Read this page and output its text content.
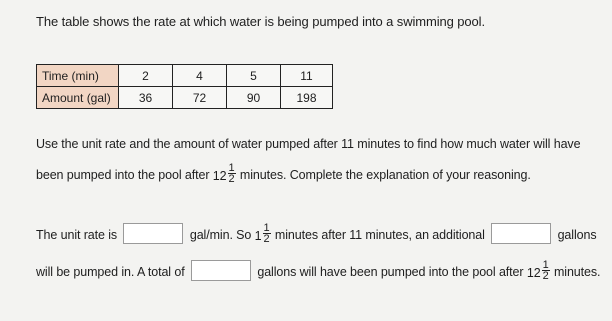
The table shows the rate at which water is being pumped into a swimming pool.
Time (min)	2	4	5	11
Amount (gal)	36	72	90	198
Use the unit rate and the amount of water pumped after 11 minutes to find how much water will have
been pumped into the pool after $12 \frac{1}{2}$ minutes. Complete the explanation of your reasoning.
The unit rate is	gal/min. So $1 \frac{1}{2}$ minutes after 11 minutes, an additional	gallons
will be pumped in. A total of	gallons will have been pumped into the pool after $12 \frac{1}{2}$ minutes.
